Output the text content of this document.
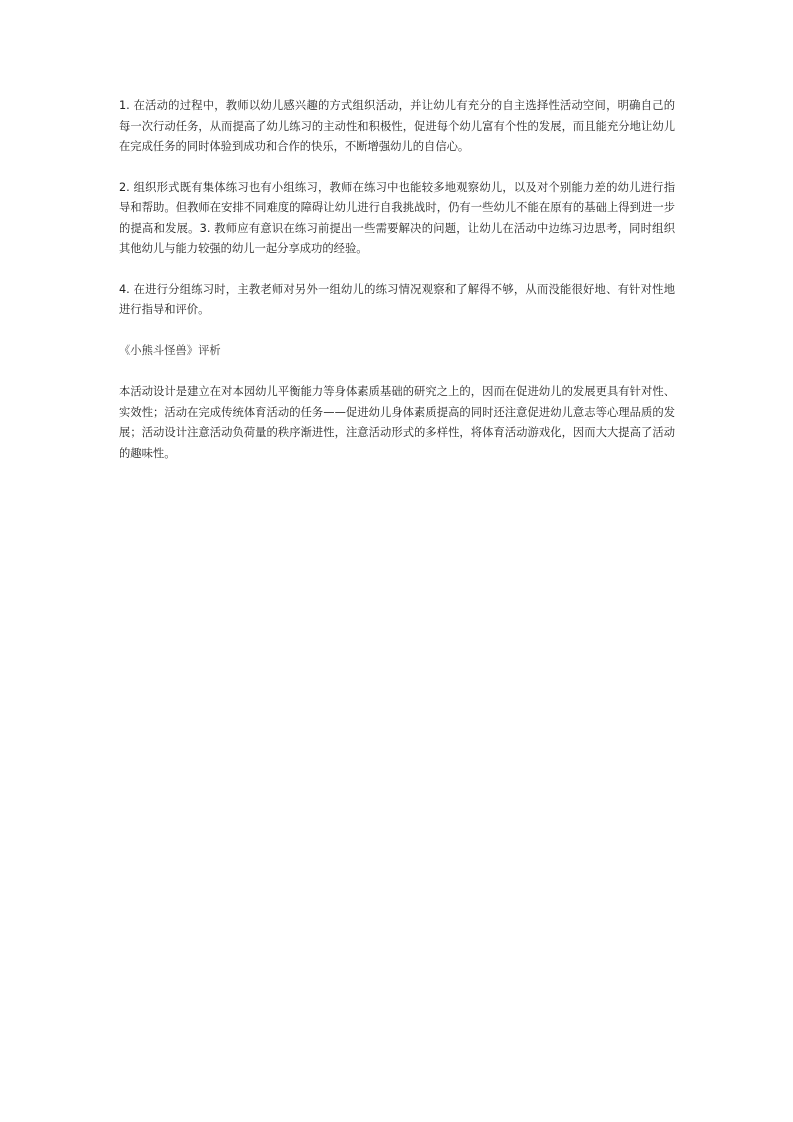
1. 在活动的过程中，教师以幼儿感兴趣的方式组织活动，并让幼儿有充分的自主选择性活动空间，明确自己的每一次行动任务，从而提高了幼儿练习的主动性和积极性，促进每个幼儿富有个性的发展，而且能充分地让幼儿在完成任务的同时体验到成功和合作的快乐，不断增强幼儿的自信心。

2. 组织形式既有集体练习也有小组练习，教师在练习中也能较多地观察幼儿，以及对个别能力差的幼儿进行指导和帮助。但教师在安排不同难度的障碍让幼儿进行自我挑战时，仍有一些幼儿不能在原有的基础上得到进一步的提高和发展。3. 教师应有意识在练习前提出一些需要解决的问题，让幼儿在活动中边练习边思考，同时组织其他幼儿与能力较强的幼儿一起分享成功的经验。

4. 在进行分组练习时，主教老师对另外一组幼儿的练习情况观察和了解得不够，从而没能很好地、有针对性地进行指导和评价。

《小熊斗怪兽》评析

本活动设计是建立在对本园幼儿平衡能力等身体素质基础的研究之上的，因而在促进幼儿的发展更具有针对性、实效性；活动在完成传统体育活动的任务——促进幼儿身体素质提高的同时还注意促进幼儿意志等心理品质的发展；活动设计注意活动负荷量的秩序渐进性，注意活动形式的多样性，将体育活动游戏化，因而大大提高了活动的趣味性。
